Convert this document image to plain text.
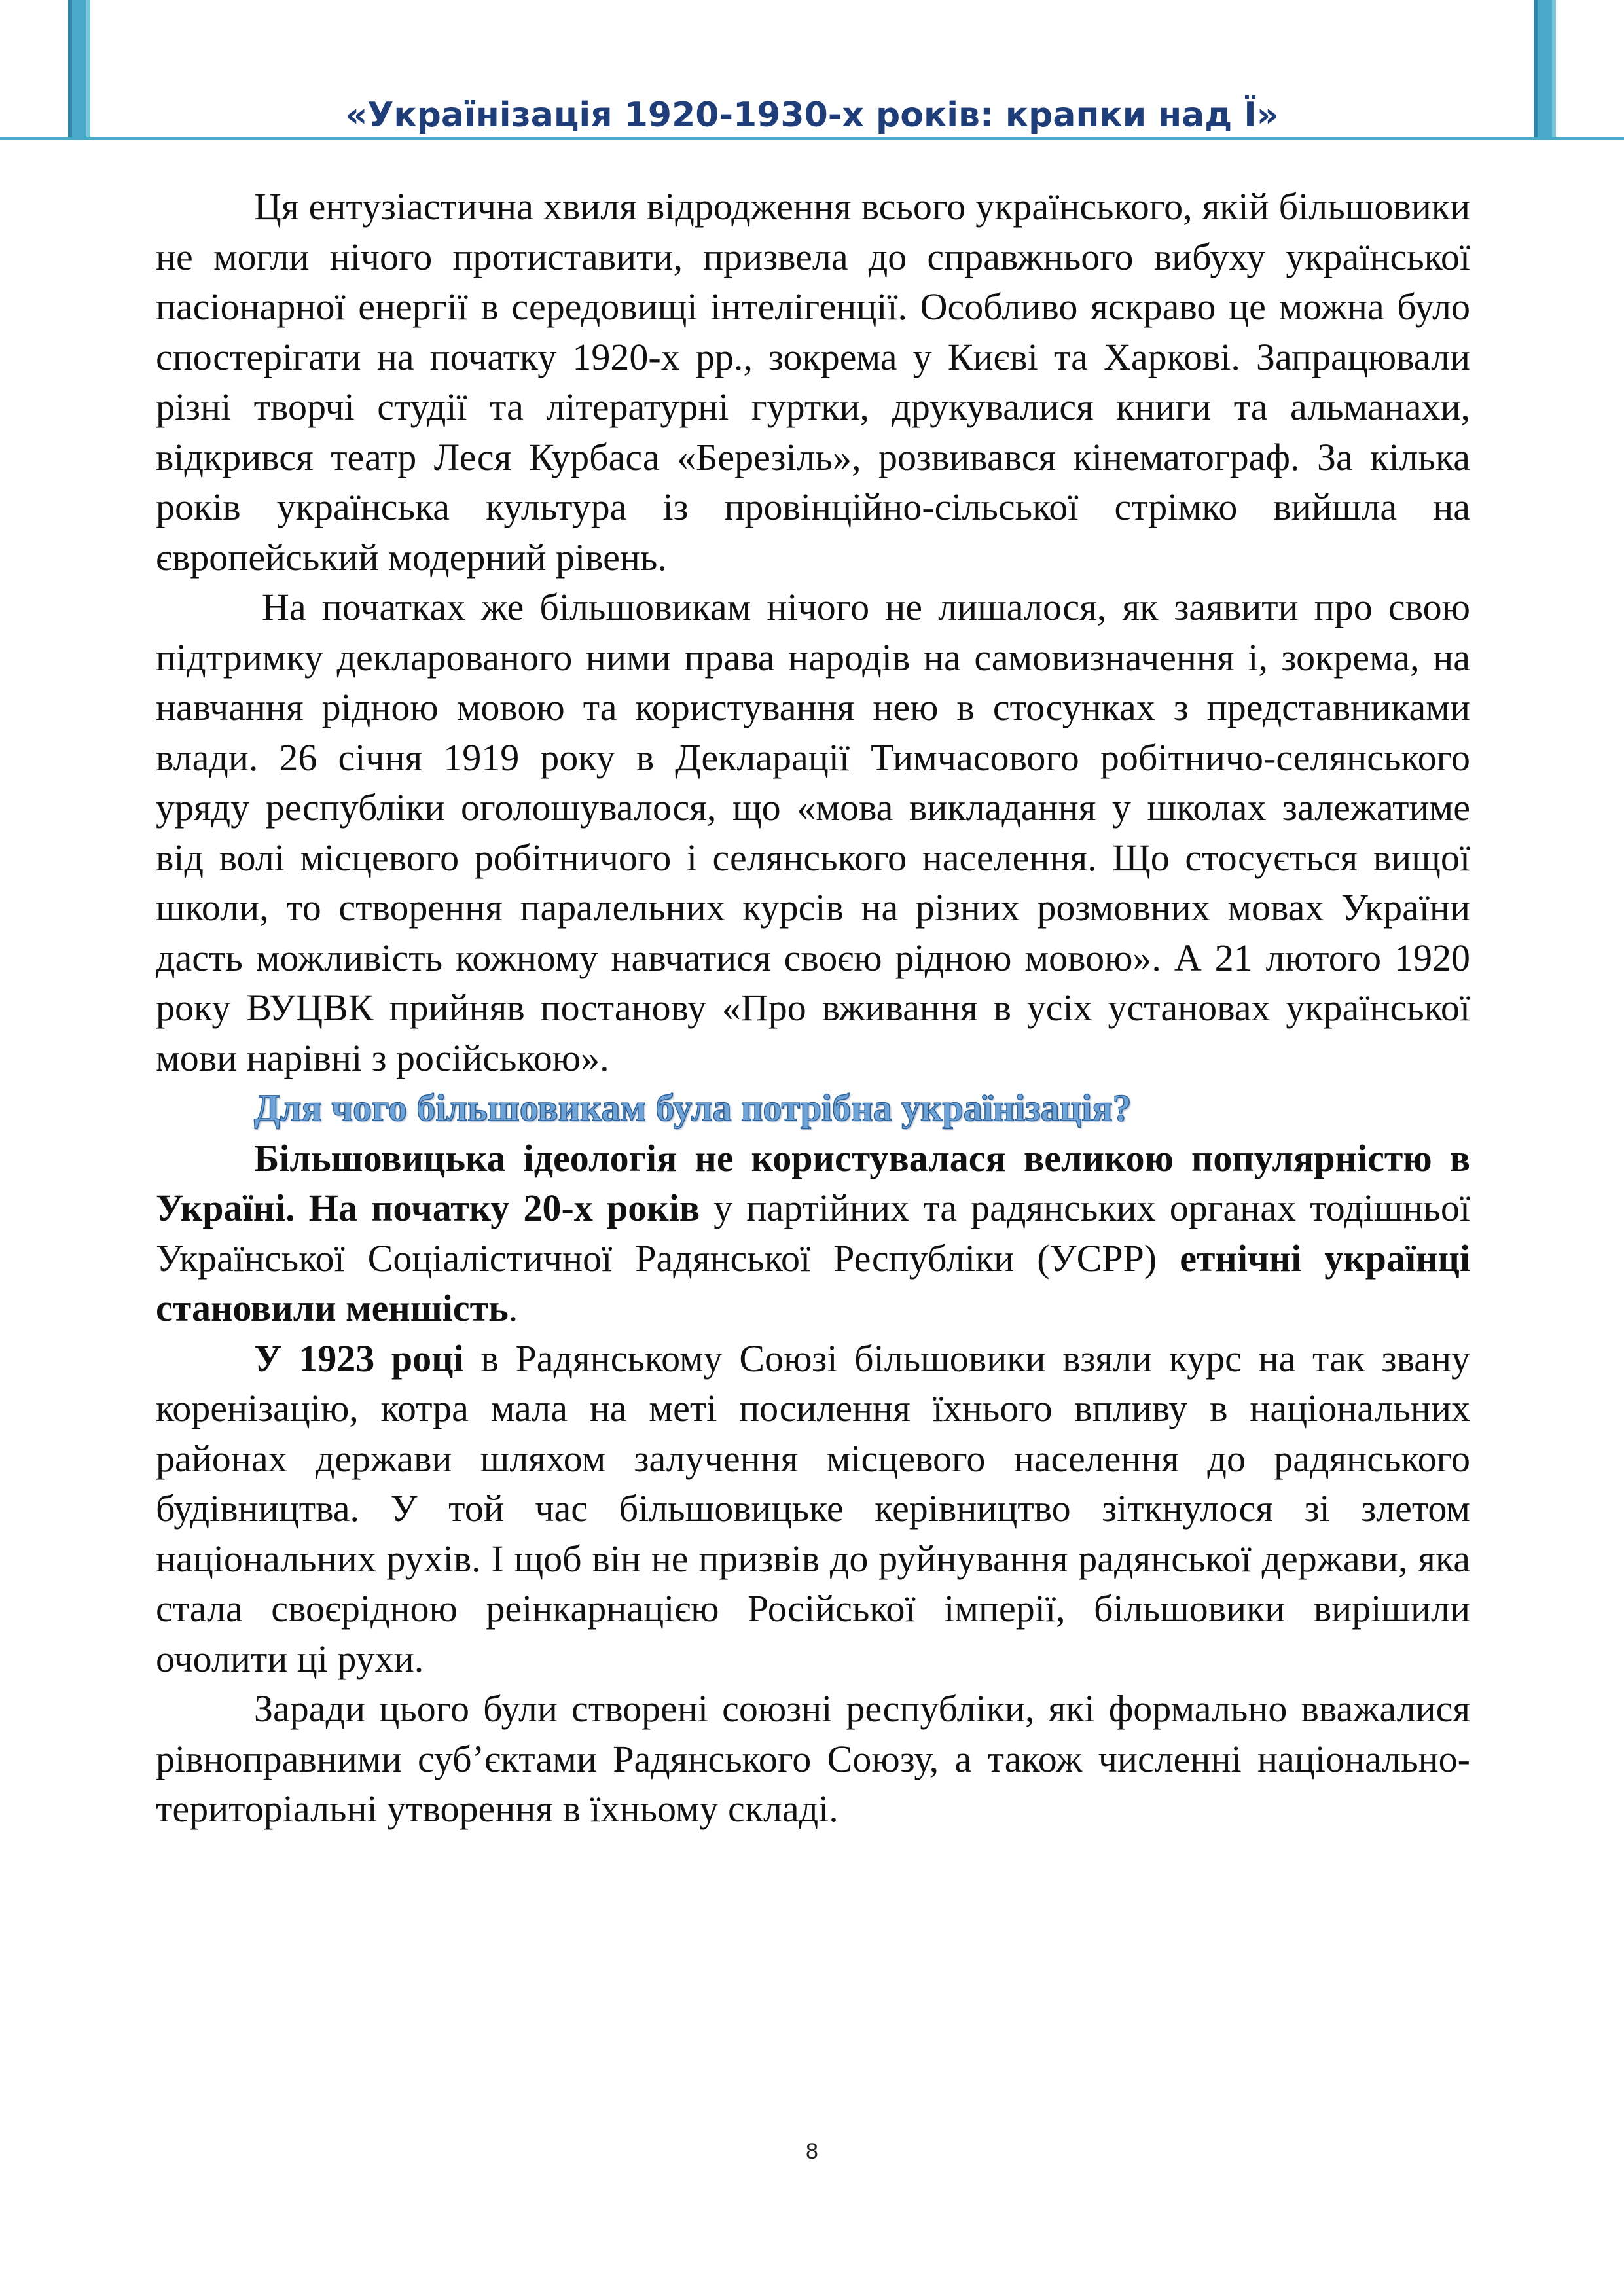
«Українізація 1920-1930-х років: крапки над Ї»

Ця ентузіастична хвиля відродження всього українського, якій більшовики не могли нічого протиставити, призвела до справжнього вибуху української пасіонарної енергії в середовищі інтелігенції. Особливо яскраво це можна було спостерігати на початку 1920-х рр., зокрема у Києві та Харкові. Запрацювали різні творчі студії та літературні гуртки, друкувалися книги та альманахи, відкрився театр Леся Курбаса «Березіль», розвивався кінематограф. За кілька років українська культура із провінційно-сільської стрімко вийшла на європейський модерний рівень.

На початках же більшовикам нічого не лишалося, як заявити про свою підтримку декларованого ними права народів на самовизначення і, зокрема, на навчання рідною мовою та користування нею в стосунках з представниками влади. 26 січня 1919 року в Декларації Тимчасового робітничо-селянського уряду республіки оголошувалося, що «мова викладання у школах залежатиме від волі місцевого робітничого і селянського населення. Що стосується вищої школи, то створення паралельних курсів на різних розмовних мовах України дасть можливість кожному навчатися своєю рідною мовою». А 21 лютого 1920 року ВУЦВК прийняв постанову «Про вживання в усіх установах української мови нарівні з російською».

Для чого більшовикам була потрібна українізація?

Більшовицька ідеологія не користувалася великою популярністю в Україні. На початку 20-х років у партійних та радянських органах тодішньої Української Соціалістичної Радянської Республіки (УСРР) етнічні українці становили меншість.

У 1923 році в Радянському Союзі більшовики взяли курс на так звану коренізацію, котра мала на меті посилення їхнього впливу в національних районах держави шляхом залучення місцевого населення до радянського будівництва. У той час більшовицьке керівництво зіткнулося зі злетом національних рухів. І щоб він не призвів до руйнування радянської держави, яка стала своєрідною реінкарнацією Російської імперії, більшовики вирішили очолити ці рухи.

Заради цього були створені союзні республіки, які формально вважалися рівноправними суб’єктами Радянського Союзу, а також численні національно-територіальні утворення в їхньому складі.

8
